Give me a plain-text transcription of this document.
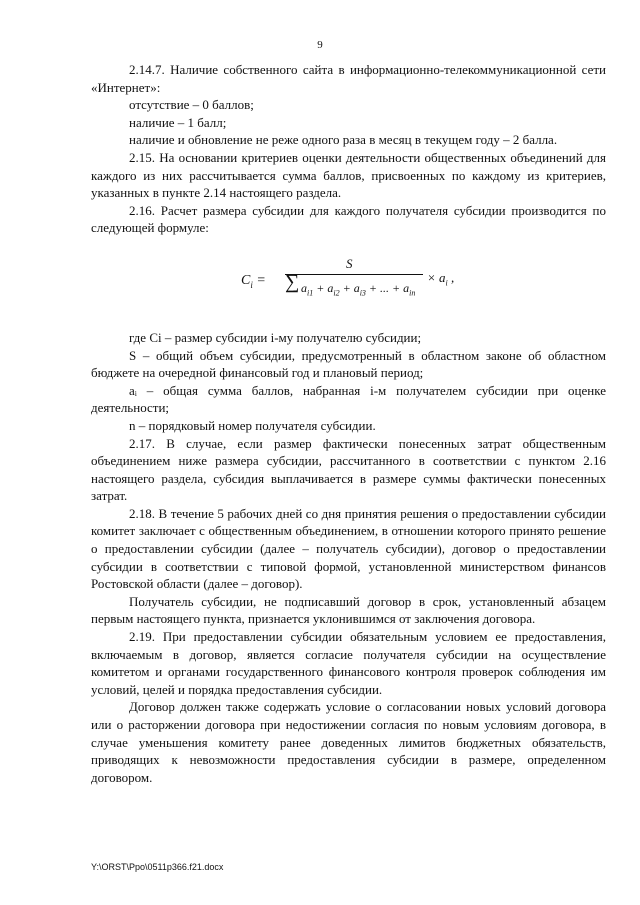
9

2.14.7. Наличие собственного сайта в информационно-телекоммуникационной сети «Интернет»:

отсутствие – 0 баллов;

наличие – 1 балл;

наличие и обновление не реже одного раза в месяц в текущем году – 2 балла.

2.15. На основании критериев оценки деятельности общественных объединений для каждого из них рассчитывается сумма баллов, присвоенных по каждому из критериев, указанных в пункте 2.14 настоящего раздела.

2.16. Расчет размера субсидии для каждого получателя субсидии производится по следующей формуле:

$C_i$ =
S
∑ $a_{i1} + a_{i2} + a_{i3}$ + ... + $a_{in}$
× $a_i$ ,

где Ci – размер субсидии i-му получателю субсидии;

S – общий объем субсидии, предусмотренный в областном законе об областном бюджете на очередной финансовый год и плановый период;

aᵢ – общая сумма баллов, набранная i-м получателем субсидии при оценке деятельности;

n – порядковый номер получателя субсидии.

2.17. В случае, если размер фактически понесенных затрат общественным объединением ниже размера субсидии, рассчитанного в соответствии с пунктом 2.16 настоящего раздела, субсидия выплачивается в размере суммы фактически понесенных затрат.

2.18. В течение 5 рабочих дней со дня принятия решения о предоставлении субсидии комитет заключает с общественным объединением, в отношении которого принято решение о предоставлении субсидии (далее – получатель субсидии), договор о предоставлении субсидии в соответствии с типовой формой, установленной министерством финансов Ростовской области (далее – договор).

Получатель субсидии, не подписавший договор в срок, установленный абзацем первым настоящего пункта, признается уклонившимся от заключения договора.

2.19. При предоставлении субсидии обязательным условием ее предоставления, включаемым в договор, является согласие получателя субсидии на осуществление комитетом и органами государственного финансового контроля проверок соблюдения им условий, целей и порядка предоставления субсидии.

Договор должен также содержать условие о согласовании новых условий договора или о расторжении договора при недостижении согласия по новым условиям договора, в случае уменьшения комитету ранее доведенных лимитов бюджетных обязательств, приводящих к невозможности предоставления субсидии в размере, определенном договором.

Y:\ORST\Ppo\0511p366.f21.docx
